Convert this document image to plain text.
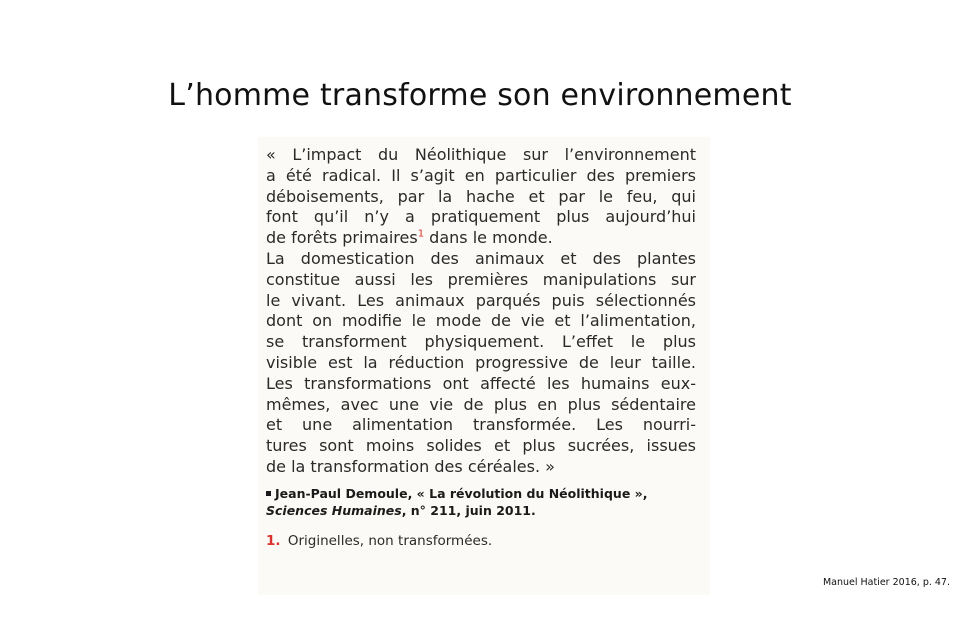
L’homme transforme son environnement
« L’impact du Néolithique sur l’environnement
a été radical. Il s’agit en particulier des premiers
déboisements, par la hache et par le feu, qui
font qu’il n’y a pratiquement plus aujourd’hui
de forêts primaires$^1$ dans le monde.
La domestication des animaux et des plantes
constitue aussi les premières manipulations sur
le vivant. Les animaux parqués puis sélectionnés
dont on modifie le mode de vie et l’alimentation,
se transforment physiquement. L’effet le plus
visible est la réduction progressive de leur taille.
Les transformations ont affecté les humains eux-
mêmes, avec une vie de plus en plus sédentaire
et une alimentation transformée. Les nourri-
tures sont moins solides et plus sucrées, issues
de la transformation des céréales. »
Jean-Paul Demoule, « La révolution du Néolithique »,
Sciences Humaines, n° 211, juin 2011.
1. Originelles, non transformées.
Manuel Hatier 2016, p. 47.
